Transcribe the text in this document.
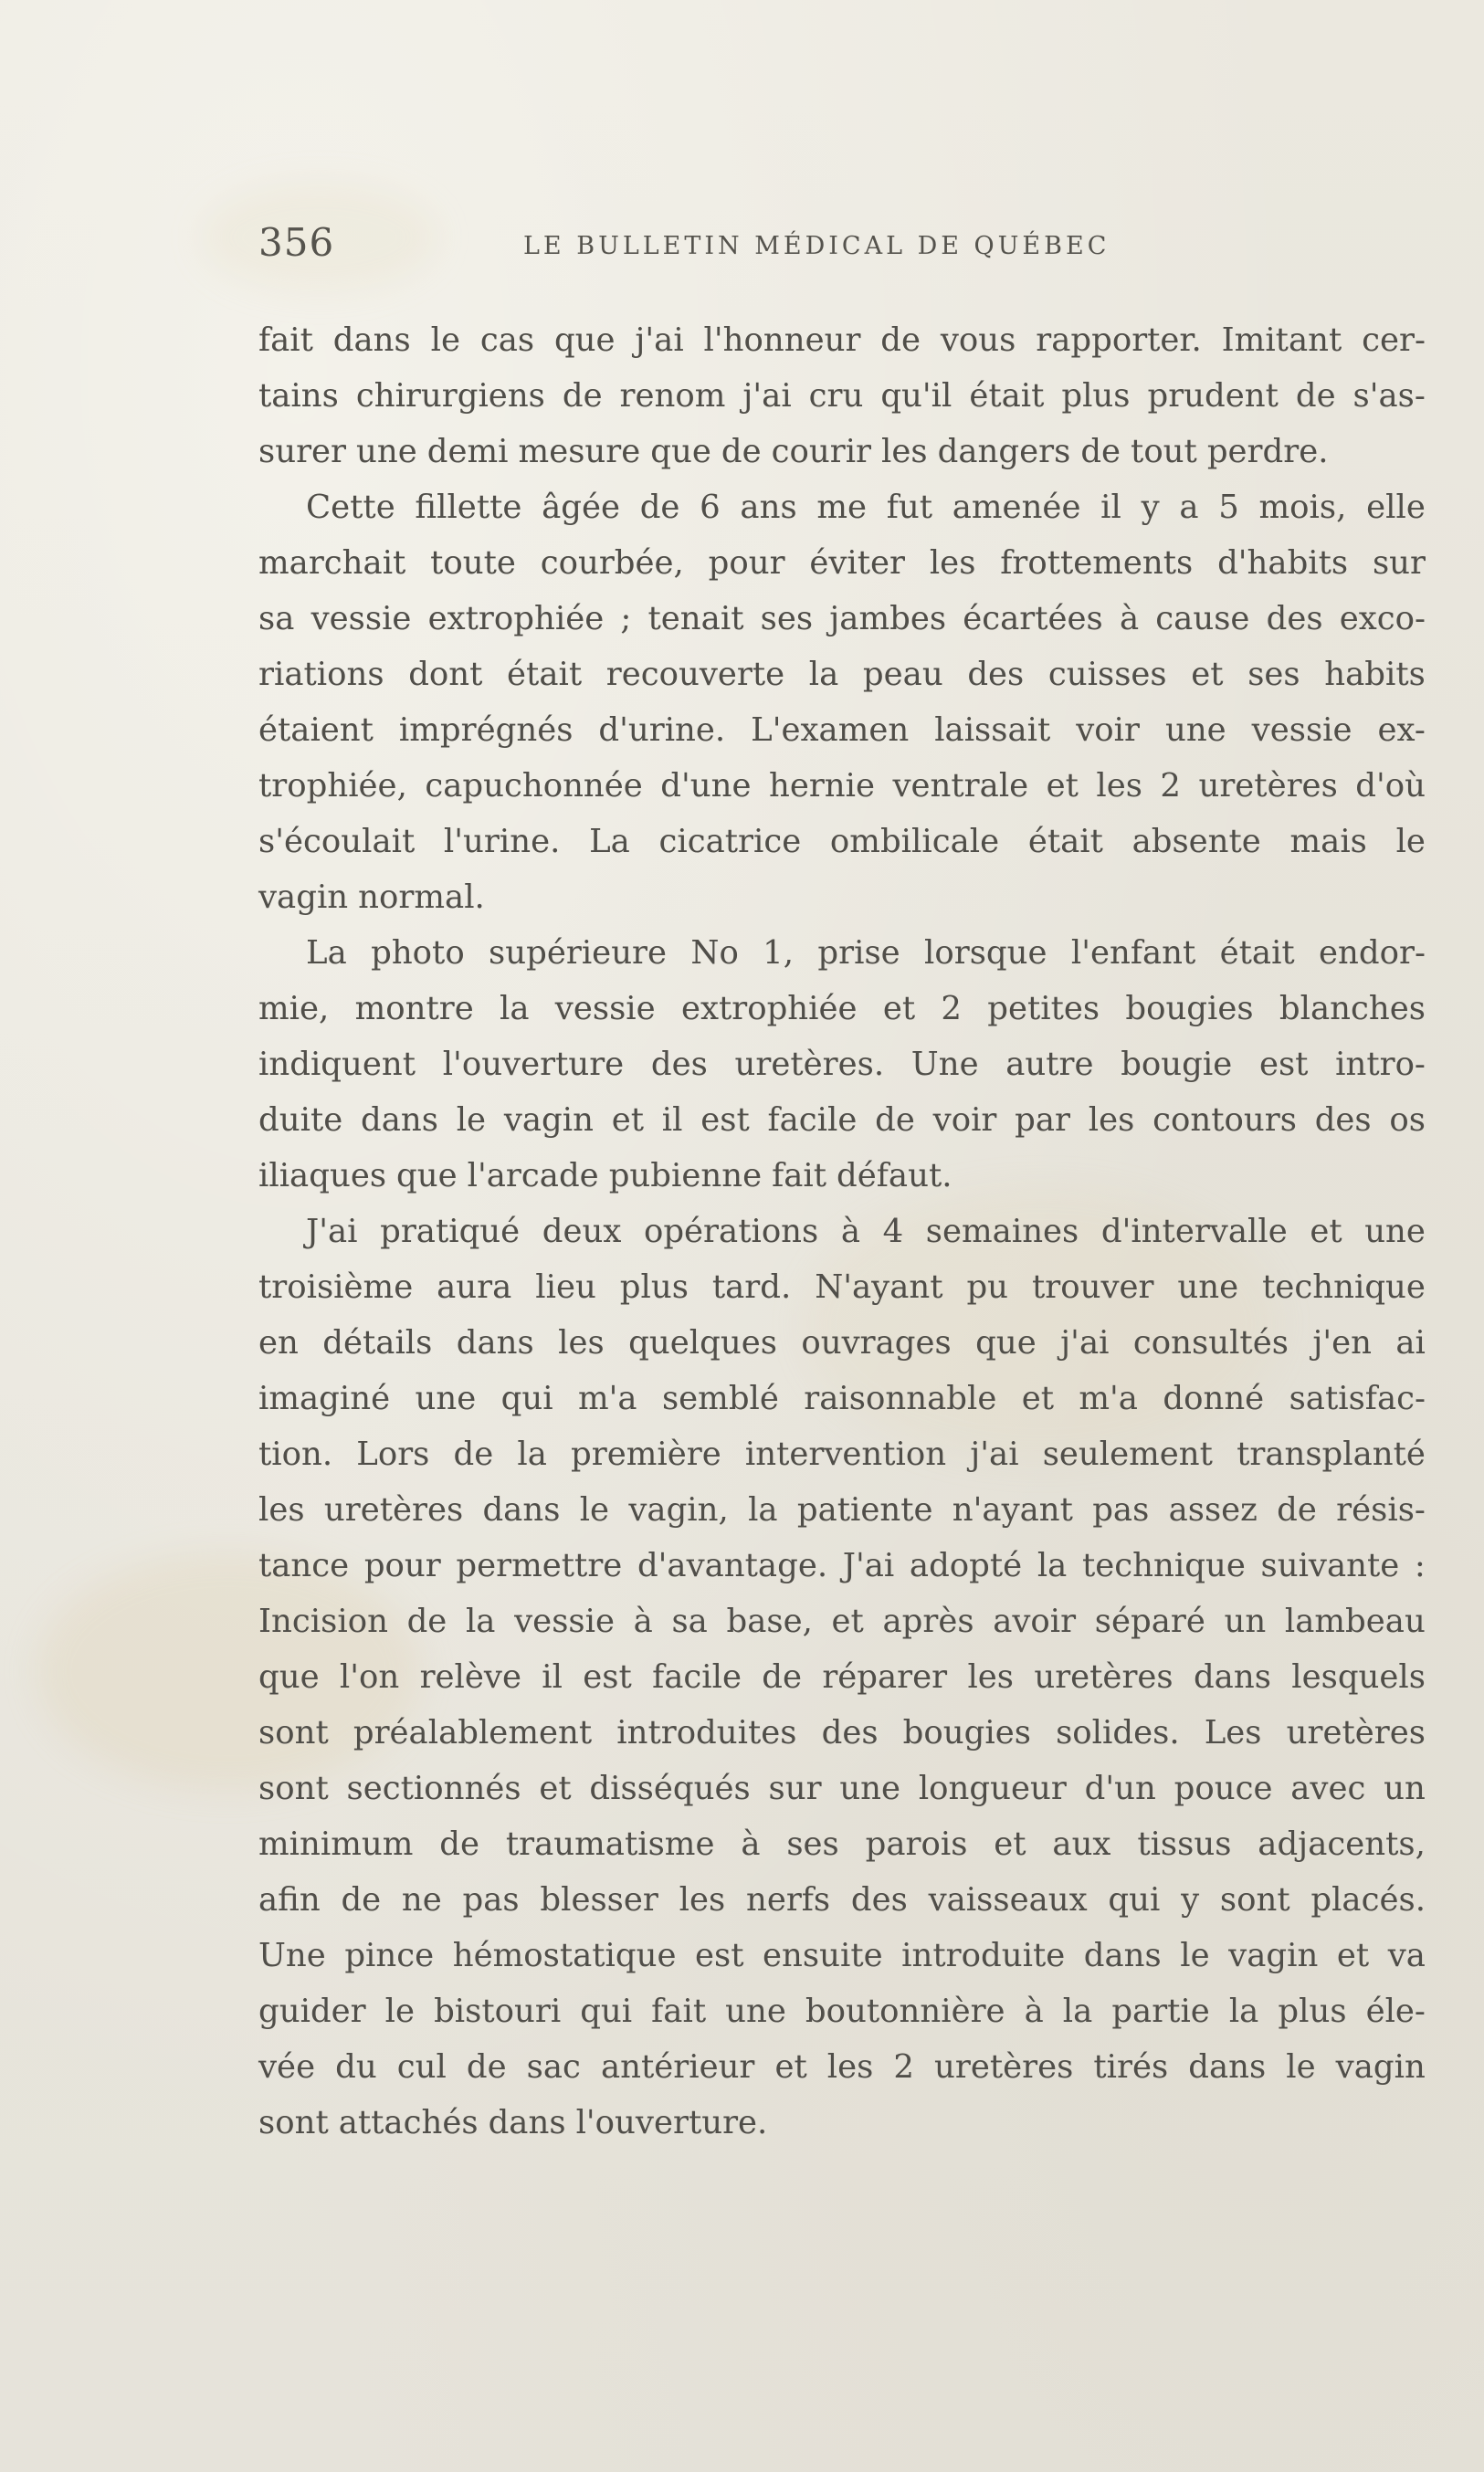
356	LE BULLETIN MÉDICAL DE QUÉBEC
fait dans le cas que j'ai l'honneur de vous rapporter. Imitant cer-
tains chirurgiens de renom j'ai cru qu'il était plus prudent de s'as-
surer une demi mesure que de courir les dangers de tout perdre.
Cette fillette âgée de 6 ans me fut amenée il y a 5 mois, elle
marchait toute courbée, pour éviter les frottements d'habits sur
sa vessie extrophiée ; tenait ses jambes écartées à cause des exco-
riations dont était recouverte la peau des cuisses et ses habits
étaient imprégnés d'urine. L'examen laissait voir une vessie ex-
trophiée, capuchonnée d'une hernie ventrale et les 2 uretères d'où
s'écoulait l'urine. La cicatrice ombilicale était absente mais le
vagin normal.
La photo supérieure No 1, prise lorsque l'enfant était endor-
mie, montre la vessie extrophiée et 2 petites bougies blanches
indiquent l'ouverture des uretères. Une autre bougie est intro-
duite dans le vagin et il est facile de voir par les contours des os
iliaques que l'arcade pubienne fait défaut.
J'ai pratiqué deux opérations à 4 semaines d'intervalle et une
troisième aura lieu plus tard. N'ayant pu trouver une technique
en détails dans les quelques ouvrages que j'ai consultés j'en ai
imaginé une qui m'a semblé raisonnable et m'a donné satisfac-
tion. Lors de la première intervention j'ai seulement transplanté
les uretères dans le vagin, la patiente n'ayant pas assez de résis-
tance pour permettre d'avantage. J'ai adopté la technique suivante :
Incision de la vessie à sa base, et après avoir séparé un lambeau
que l'on relève il est facile de réparer les uretères dans lesquels
sont préalablement introduites des bougies solides. Les uretères
sont sectionnés et disséqués sur une longueur d'un pouce avec un
minimum de traumatisme à ses parois et aux tissus adjacents,
afin de ne pas blesser les nerfs des vaisseaux qui y sont placés.
Une pince hémostatique est ensuite introduite dans le vagin et va
guider le bistouri qui fait une boutonnière à la partie la plus éle-
vée du cul de sac antérieur et les 2 uretères tirés dans le vagin
sont attachés dans l'ouverture.
